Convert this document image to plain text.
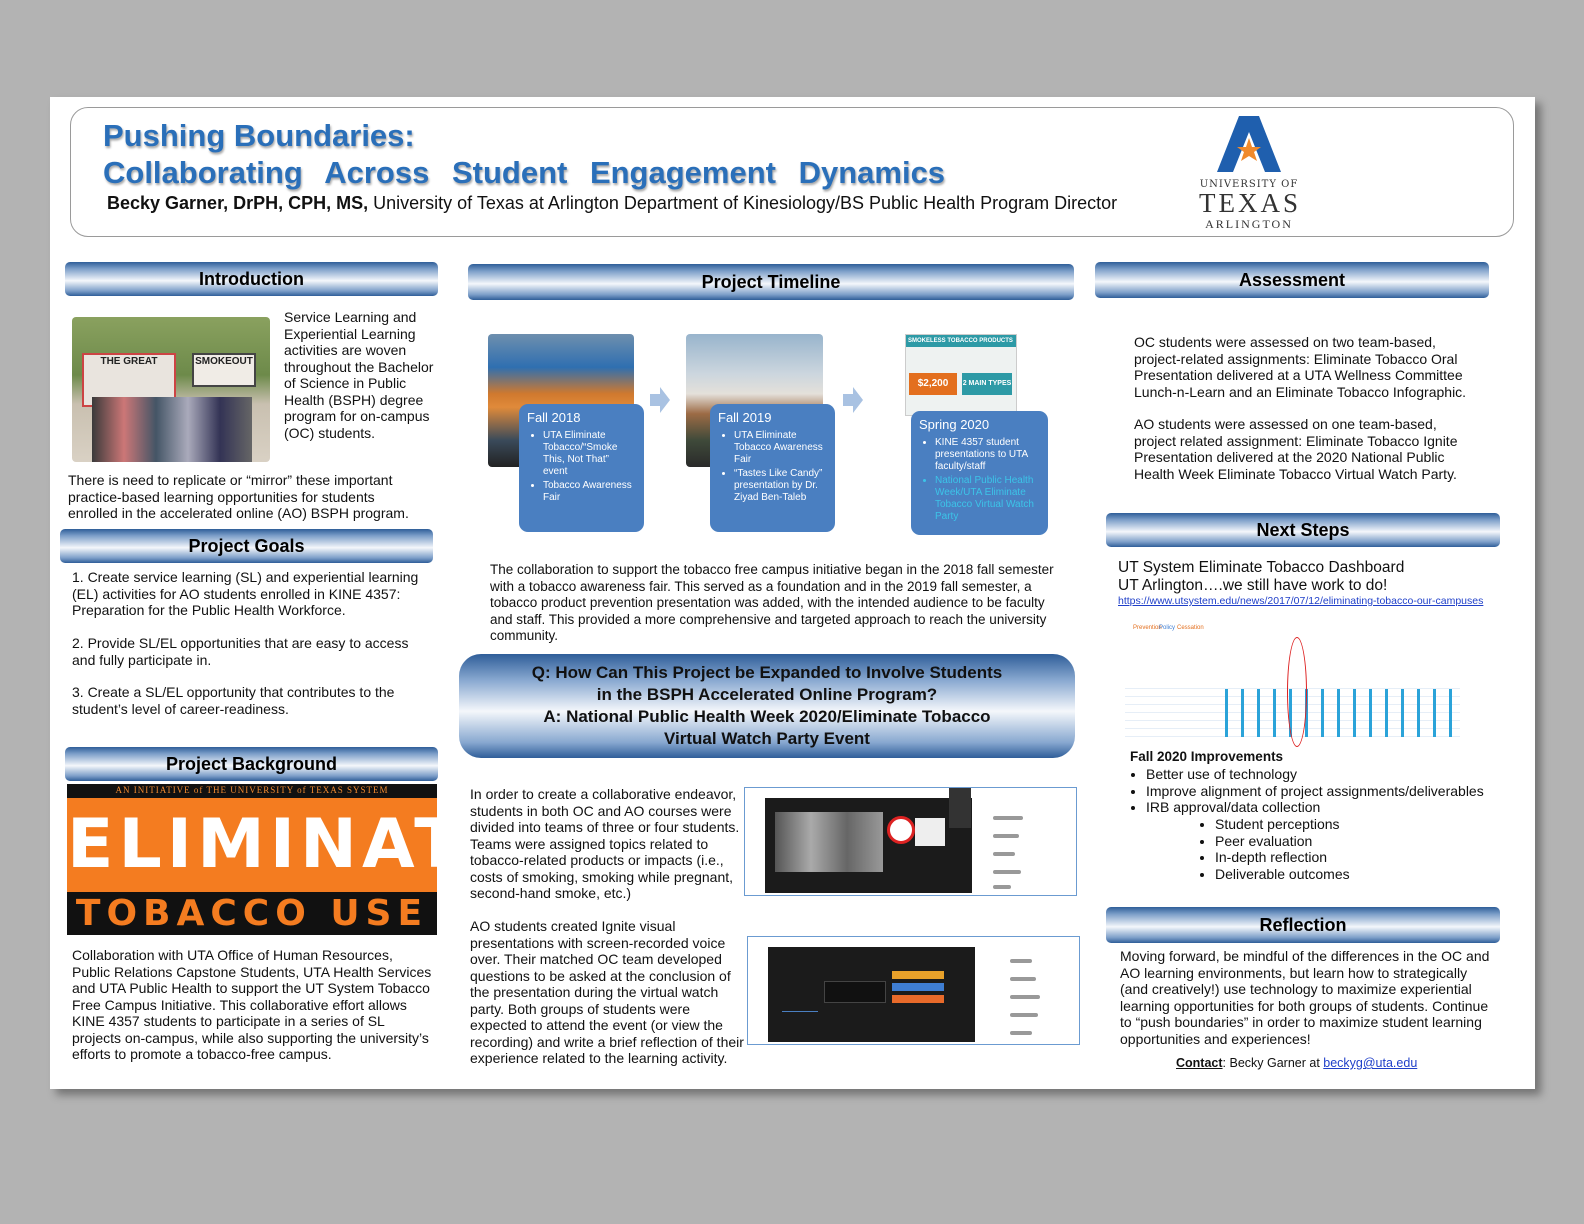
Pushing Boundaries:
Collaborating Across Student Engagement Dynamics
Becky Garner, DrPH, CPH, MS, University of Texas at Arlington Department of Kinesiology/BS Public Health Program Director
UNIVERSITY OF
TEXAS
ARLINGTON
Introduction
THE GREAT	SMOKEOUT
Service Learning and Experiential Learning activities are woven throughout the Bachelor of Science in Public Health (BSPH) degree program for on-campus (OC) students.
There is need to replicate or “mirror” these important practice-based learning opportunities for students enrolled in the accelerated online (AO) BSPH program.
Project Goals
1. Create service learning (SL) and experiential learning (EL) activities for AO students enrolled in KINE 4357: Preparation for the Public Health Workforce.
2. Provide SL/EL opportunities that are easy to access and fully participate in.
3. Create a SL/EL opportunity that contributes to the student’s level of career-readiness.
Project Background
AN INITIATIVE of THE UNIVERSITY of TEXAS SYSTEM
ELIMINATE
TOBACCO USE
Collaboration with UTA Office of Human Resources, Public Relations Capstone Students, UTA Health Services and UTA Public Health to support the UT System Tobacco Free Campus Initiative. This collaborative effort allows KINE 4357 students to participate in a series of SL projects on-campus, while also supporting the university’s efforts to promote a tobacco-free campus.
Project Timeline
Fall 2018
• UTA Eliminate Tobacco/“Smoke This, Not That” event
• Tobacco Awareness Fair
Fall 2019
• UTA Eliminate Tobacco Awareness Fair
• “Tastes Like Candy” presentation by Dr. Ziyad Ben-Taleb
SMOKELESS TOBACCO PRODUCTS
$2,200	2 MAIN TYPES
Spring 2020
• KINE 4357 student presentations to UTA faculty/staff
• National Public Health Week/UTA Eliminate Tobacco Virtual Watch Party
The collaboration to support the tobacco free campus initiative began in the 2018 fall semester with a tobacco awareness fair. This served as a foundation and in the 2019 fall semester, a tobacco product prevention presentation was added, with the intended audience to be faculty and staff. This provided a more comprehensive and targeted approach to reach the university community.
Q: How Can This Project be Expanded to Involve Students
in the BSPH Accelerated Online Program?
A: National Public Health Week 2020/Eliminate Tobacco
Virtual Watch Party Event
In order to create a collaborative endeavor, students in both OC and AO courses were divided into teams of three or four students. Teams were assigned topics related to tobacco-related products or impacts (i.e., costs of smoking, smoking while pregnant, second-hand smoke, etc.)
AO students created Ignite visual presentations with screen-recorded voice over. Their matched OC team developed questions to be asked at the conclusion of the presentation during the virtual watch party. Both groups of students were expected to attend the event (or view the recording) and write a brief reflection of their experience related to the learning activity.
Assessment
OC students were assessed on two team-based, project-related assignments: Eliminate Tobacco Oral Presentation delivered at a UTA Wellness Committee Lunch-n-Learn and an Eliminate Tobacco Infographic.
AO students were assessed on one team-based, project related assignment: Eliminate Tobacco Ignite Presentation delivered at the 2020 National Public Health Week Eliminate Tobacco Virtual Watch Party.
Next Steps
UT System Eliminate Tobacco Dashboard
UT Arlington….we still have work to do!
https://www.utsystem.edu/news/2017/07/12/eliminating-tobacco-our-campuses
Prevention
Policy Cessation
Fall 2020 Improvements
• Better use of technology
• Improve alignment of project assignments/deliverables
• IRB approval/data collection
• Student perceptions
• Peer evaluation
• In-depth reflection
• Deliverable outcomes
Reflection
Moving forward, be mindful of the differences in the OC and AO learning environments, but learn how to strategically (and creatively!) use technology to maximize experiential learning opportunities for both groups of students. Continue to “push boundaries” in order to maximize student learning opportunities and experiences!
Contact: Becky Garner at beckyg@uta.edu
